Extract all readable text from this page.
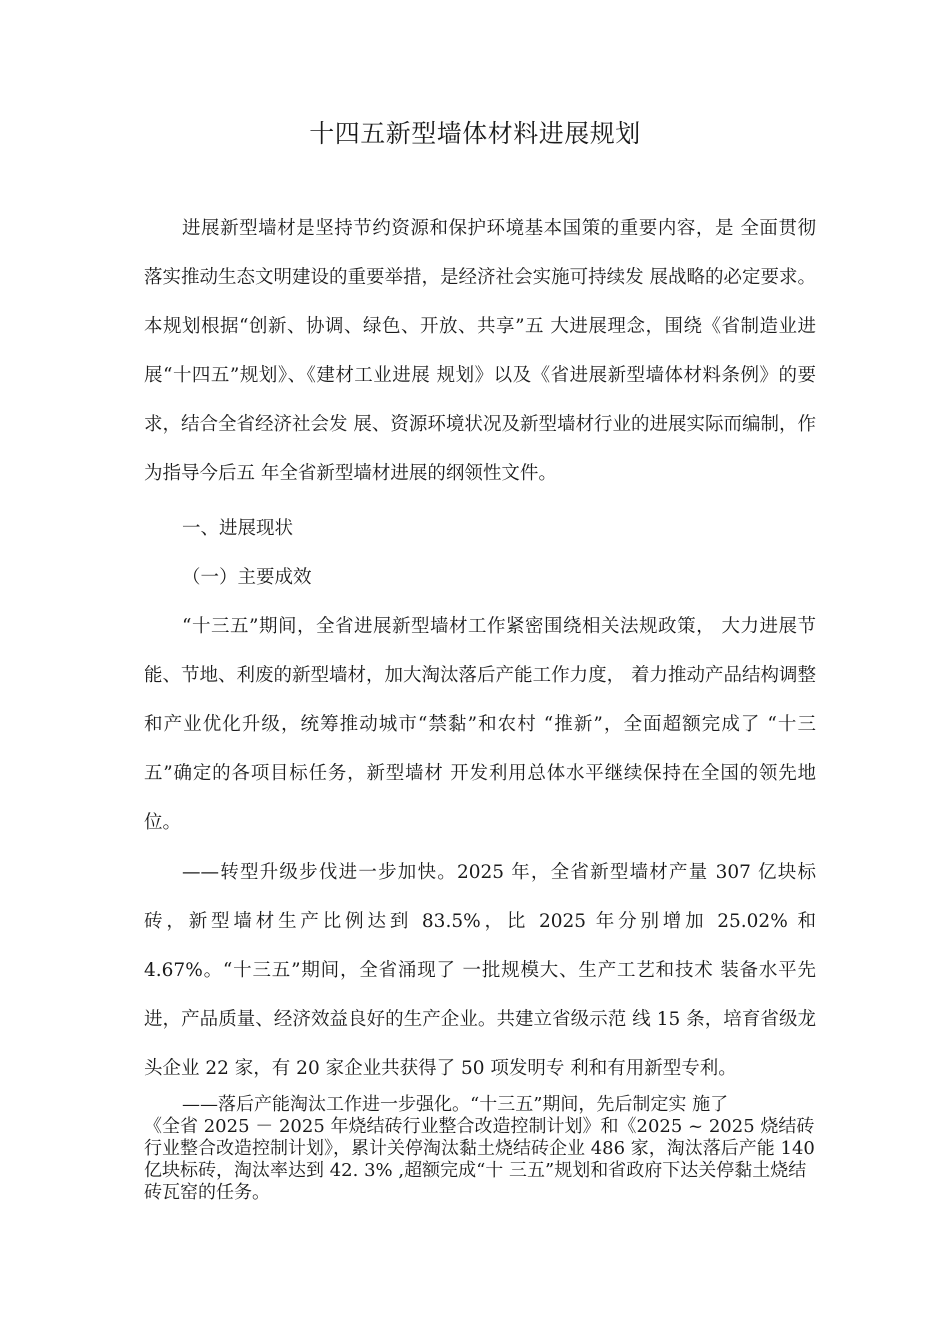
十四五新型墙体材料进展规划

进展新型墙材是坚持节约资源和保护环境基本国策的重要内容，是 全面贯彻落实推动生态文明建设的重要举措，是经济社会实施可持续发 展战略的必定要求。本规划根据“创新、协调、绿色、开放、共享”五 大进展理念，围绕《省制造业进展“十四五”规划》、《建材工业进展 规划》以及《省进展新型墙体材料条例》的要求，结合全省经济社会发 展、资源环境状况及新型墙材行业的进展实际而编制，作为指导今后五 年全省新型墙材进展的纲领性文件。

一、进展现状

（一）主要成效

“十三五”期间，全省进展新型墙材工作紧密围绕相关法规政策， 大力进展节能、节地、利废的新型墙材，加大淘汰落后产能工作力度， 着力推动产品结构调整和产业优化升级，统筹推动城市“禁黏”和农村 “推新”，全面超额完成了 “十三五”确定的各项目标任务，新型墙材 开发利用总体水平继续保持在全国的领先地位。

——转型升级步伐进一步加快。2025 年，全省新型墙材产量 307 亿块标砖，新型墙材生产比例达到 83.5%，比 2025 年分别增加 25.02% 和 4.67%。“十三五”期间，全省涌现了 一批规模大、生产工艺和技术 装备水平先进，产品质量、经济效益良好的生产企业。共建立省级示范 线 15 条，培育省级龙头企业 22 家，有 20 家企业共获得了 50 项发明专 利和有用新型专利。

——落后产能淘汰工作进一步强化。“十三五”期间，先后制定实 施了
《全省 2025 － 2025 年烧结砖行业整合改造控制计划》和《2025 ~ 2025 烧结砖行业整合改造控制计划》，累计关停淘汰黏土烧结砖企业 486 家，淘汰落后产能 140 亿块标砖，淘汰率达到 42. 3% ,超额完成“十 三五”规划和省政府下达关停黏土烧结砖瓦窑的任务。
